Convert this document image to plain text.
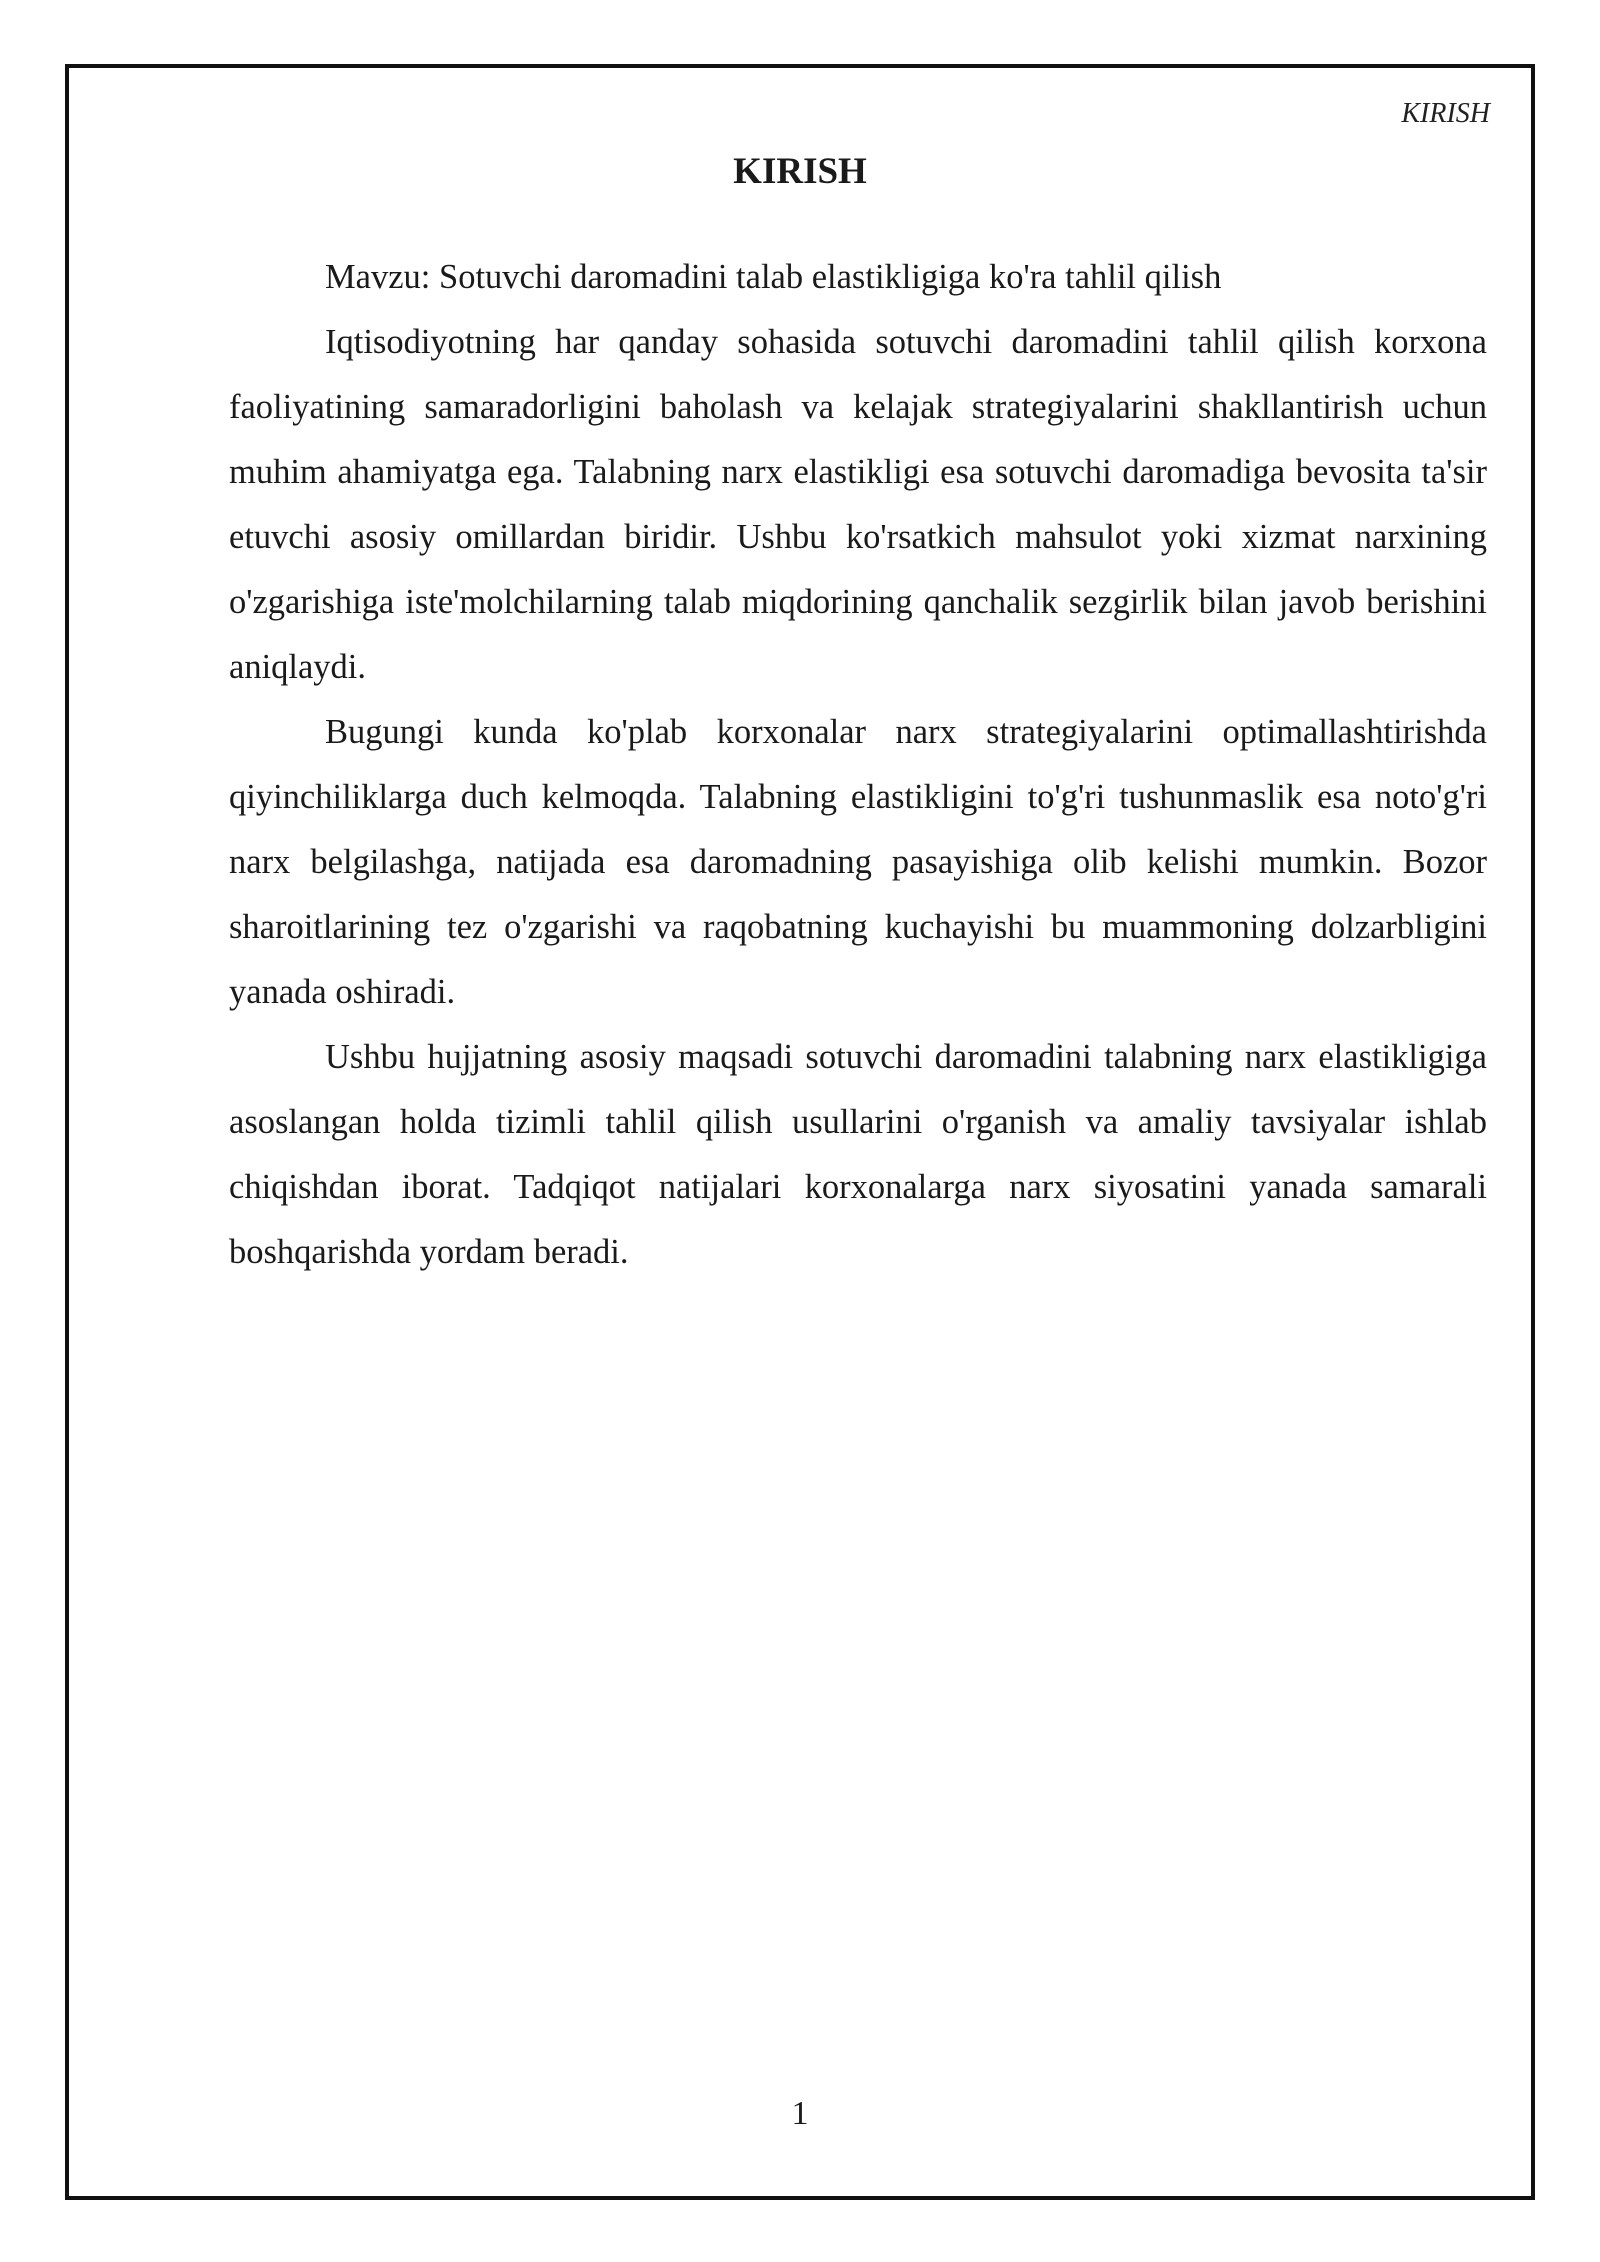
KIRISH
KIRISH

Mavzu: Sotuvchi daromadini talab elastikligiga ko'ra tahlil qilish

Iqtisodiyotning har qanday sohasida sotuvchi daromadini tahlil qilish korxona faoliyatining samaradorligini baholash va kelajak strategiyalarini shakllantirish uchun muhim ahamiyatga ega. Talabning narx elastikligi esa sotuvchi daromadiga bevosita ta'sir etuvchi asosiy omillardan biridir. Ushbu ko'rsatkich mahsulot yoki xizmat narxining o'zgarishiga iste'molchilarning talab miqdorining qanchalik sezgirlik bilan javob berishini aniqlaydi.

Bugungi kunda ko'plab korxonalar narx strategiyalarini optimallashtirishda qiyinchiliklarga duch kelmoqda. Talabning elastikligini to'g'ri tushunmaslik esa noto'g'ri narx belgilashga, natijada esa daromadning pasayishiga olib kelishi mumkin. Bozor sharoitlarining tez o'zgarishi va raqobatning kuchayishi bu muammoning dolzarbligini yanada oshiradi.

Ushbu hujjatning asosiy maqsadi sotuvchi daromadini talabning narx elastikligiga asoslangan holda tizimli tahlil qilish usullarini o'rganish va amaliy tavsiyalar ishlab chiqishdan iborat. Tadqiqot natijalari korxonalarga narx siyosatini yanada samarali boshqarishda yordam beradi.

1
